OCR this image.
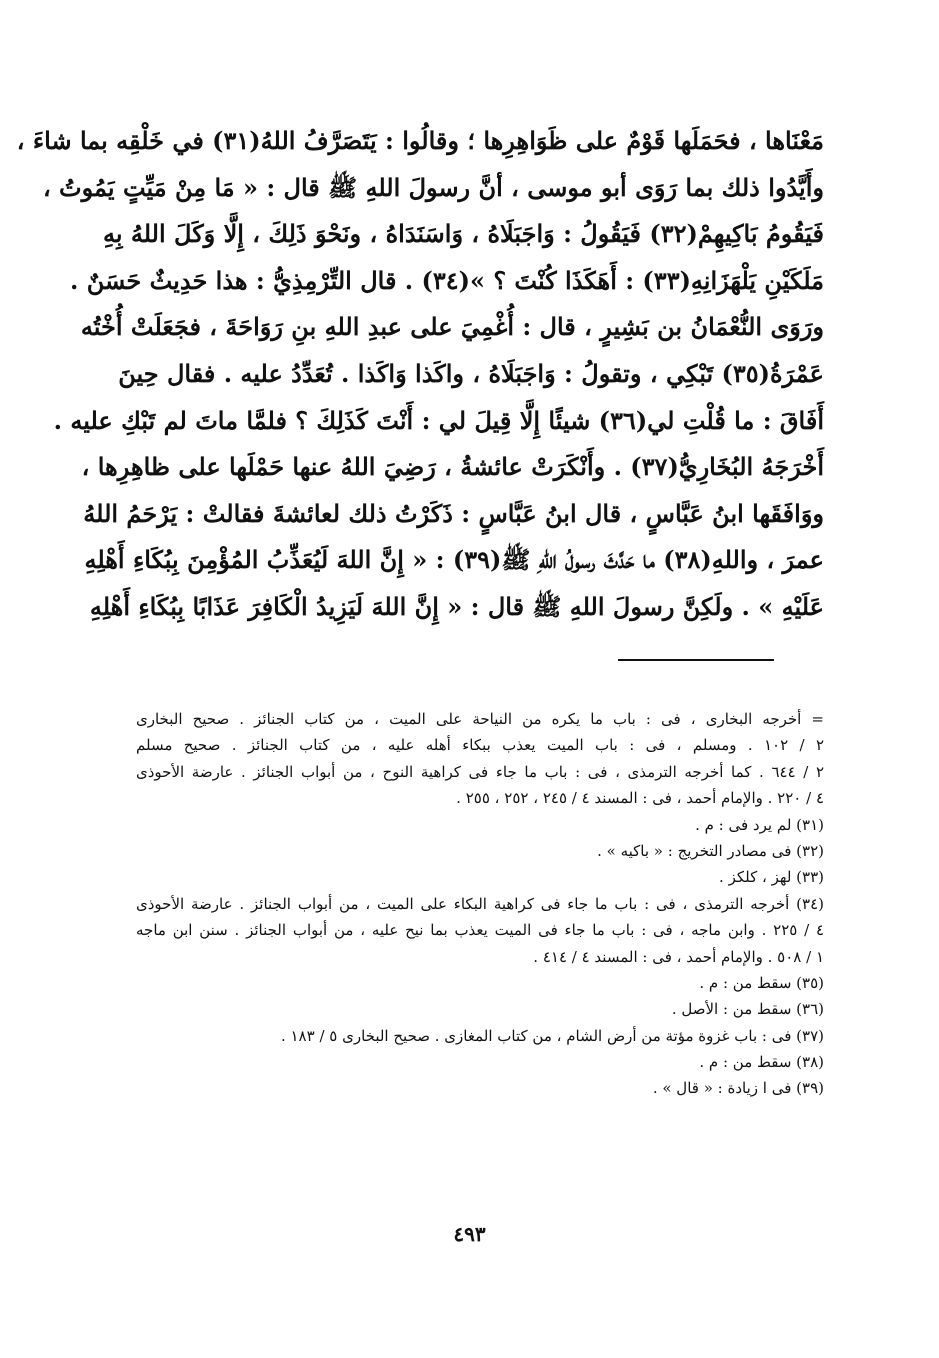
مَعْنَاها ، فحَمَلَها قَوْمٌ على ظَوَاهِرِها ؛ وقالُوا : يَتَصَرَّفُ اللهُ(٣١) في خَلْقِه بما شاءَ ،
وأَيَّدُوا ذلك بما رَوَى أبو موسى ، أنَّ رسولَ اللهِ ﷺ قال : « مَا مِنْ مَيِّتٍ يَمُوتُ ،
فَيَقُومُ بَاكِيهِمْ(٣٢) فَيَقُولُ : وَاجَبَلَاهُ ، وَاسَنَدَاهُ ، ونَحْوَ ذَلِكَ ، إِلَّا وَكَلَ اللهُ بِهِ
مَلَكَيْنِ يَلْهَزَانِهِ(٣٣) : أَهَكَذَا كُنْتَ ؟ »(٣٤) . قال التِّرْمِذِيُّ : هذا حَدِيثٌ حَسَنٌ .
ورَوَى النُّعْمَانُ بن بَشِيرٍ ، قال : أُغْمِيَ على عبدِ اللهِ بنِ رَوَاحَةَ ، فجَعَلَتْ أُخْتُه
عَمْرَةُ(٣٥) تَبْكِي ، وتقولُ : وَاجَبَلَاهُ ، واكَذا وَاكَذا . تُعَدِّدُ عليه . فقال حِينَ
أَفَاقَ : ما قُلْتِ لي(٣٦) شيئًا إِلَّا قِيلَ لي : أَنْتَ كَذَلِكَ ؟ فلمَّا ماتَ لم تَبْكِ عليه .
أَخْرَجَهُ البُخَارِيُّ(٣٧) . وأَنْكَرَتْ عائشةُ ، رَضِيَ اللهُ عنها حَمْلَها على ظاهِرِها ،
ووَافَقَها ابنُ عَبَّاسٍ ، قال ابنُ عَبَّاسٍ : ذَكَرْتُ ذلك لعائشةَ فقالتْ : يَرْحَمُ اللهُ
عمرَ ، واللهِ(٣٨) ما حَدَّثَ رسولُ اللهِ ﷺ(٣٩) : « إِنَّ اللهَ لَيُعَذِّبُ المُؤْمِنَ بِبُكَاءِ أَهْلِهِ
عَلَيْهِ » . ولَكِنَّ رسولَ اللهِ ﷺ قال : « إِنَّ اللهَ لَيَزِيدُ الْكَافِرَ عَذَابًا بِبُكَاءِ أَهْلِهِ
= أخرجه البخارى ، فى : باب ما يكره من النياحة على الميت ، من كتاب الجنائز . صحيح البخارى
٢ / ١٠٢ . ومسلم ، فى : باب الميت يعذب ببكاء أهله عليه ، من كتاب الجنائز . صحيح مسلم
٢ / ٦٤٤ . كما أخرجه الترمذى ، فى : باب ما جاء فى كراهية النوح ، من أبواب الجنائز . عارضة الأحوذى
٤ / ٢٢٠ . والإمام أحمد ، فى : المسند ٤ / ٢٤٥ ، ٢٥٢ ، ٢٥٥ .
(٣١) لم يرد فى : م .
(٣٢) فى مصادر التخريج : « باكيه » .
(٣٣) لهز ، كلكز .
(٣٤) أخرجه الترمذى ، فى : باب ما جاء فى كراهية البكاء على الميت ، من أبواب الجنائز . عارضة الأحوذى
٤ / ٢٢٥ . وابن ماجه ، فى : باب ما جاء فى الميت يعذب بما نيح عليه ، من أبواب الجنائز . سنن ابن ماجه
١ / ٥٠٨ . والإمام أحمد ، فى : المسند ٤ / ٤١٤ .
(٣٥) سقط من : م .
(٣٦) سقط من : الأصل .
(٣٧) فى : باب غزوة مؤتة من أرض الشام ، من كتاب المغازى . صحيح البخارى ٥ / ١٨٣ .
(٣٨) سقط من : م .
(٣٩) فى ا زيادة : « قال » .
٤٩٣
